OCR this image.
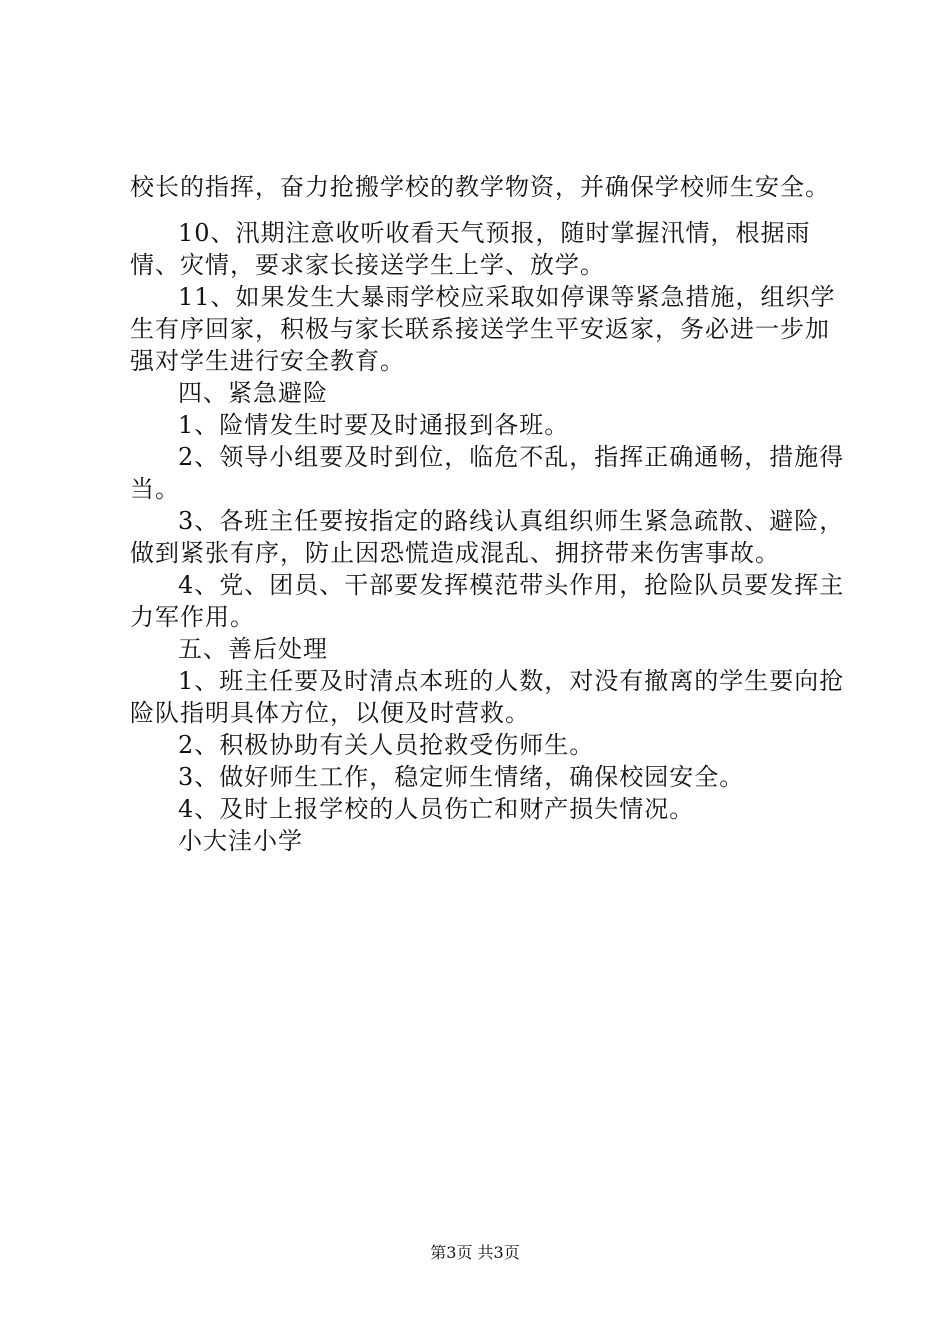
校长的指挥，奋力抢搬学校的教学物资，并确保学校师生安全。

10、汛期注意收听收看天气预报，随时掌握汛情，根据雨情、灾情，要求家长接送学生上学、放学。

11、如果发生大暴雨学校应采取如停课等紧急措施，组织学生有序回家，积极与家长联系接送学生平安返家，务必进一步加强对学生进行安全教育。

四、紧急避险

1、险情发生时要及时通报到各班。

2、领导小组要及时到位，临危不乱，指挥正确通畅，措施得当。

3、各班主任要按指定的路线认真组织师生紧急疏散、避险，做到紧张有序，防止因恐慌造成混乱、拥挤带来伤害事故。

4、党、团员、干部要发挥模范带头作用，抢险队员要发挥主力军作用。

五、善后处理

1、班主任要及时清点本班的人数，对没有撤离的学生要向抢险队指明具体方位，以便及时营救。

2、积极协助有关人员抢救受伤师生。

3、做好师生工作，稳定师生情绪，确保校园安全。

4、及时上报学校的人员伤亡和财产损失情况。

小大洼小学

第3页 共3页
